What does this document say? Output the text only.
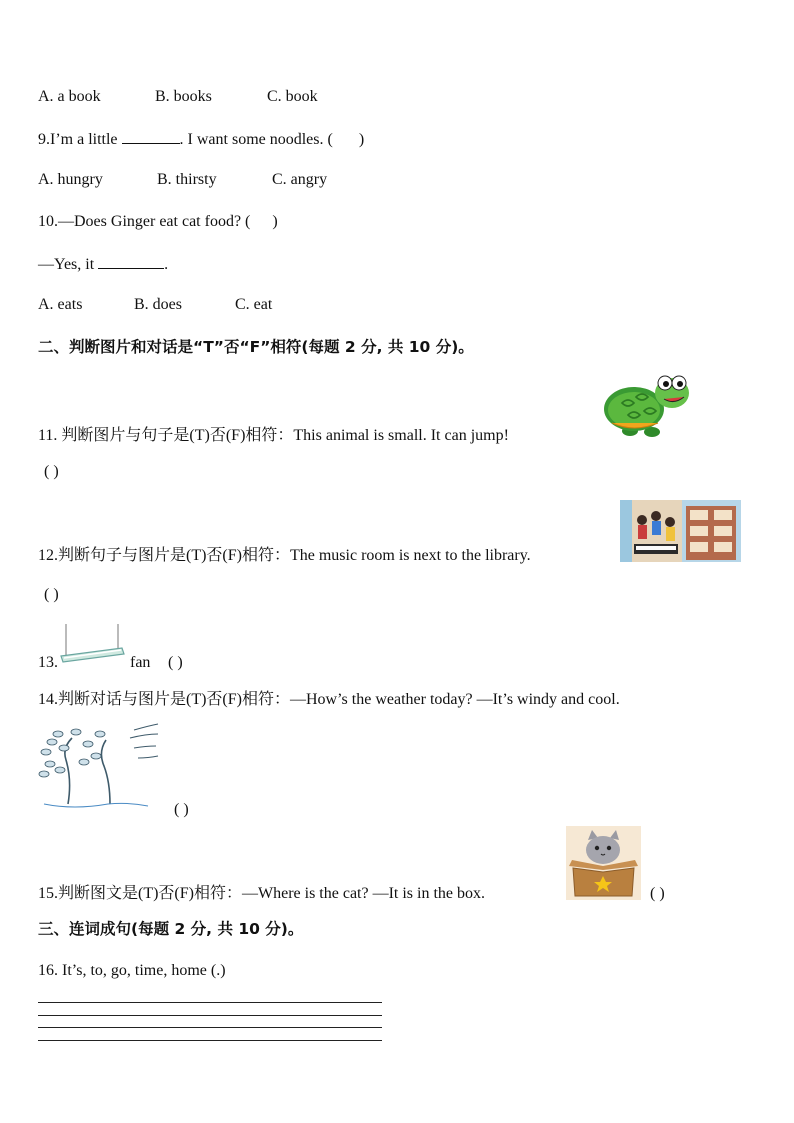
A. a book	B. books	C. book
9.I’m a little	. I want some noodles. ( )
A. hungry	B. thirsty	C. angry
10.—Does Ginger eat cat food? ( )
—Yes, it	.
A. eats	B. does	C. eat
二、判断图片和对话是“T”否“F”相符(每题 2 分, 共 10 分)。
11. 判断图片与句子是(T)否(F)相符：This animal is small. It can jump!
( )
12.判断句子与图片是(T)否(F)相符：The music room is next to the library.
( )
13.	fan ( )
14.判断对话与图片是(T)否(F)相符：—How’s the weather today? —It’s windy and cool.
( )
15.判断图文是(T)否(F)相符：—Where is the cat? —It is in the box.	( )
三、连词成句(每题 2 分, 共 10 分)。
16. It’s, to, go, time, home (.)
